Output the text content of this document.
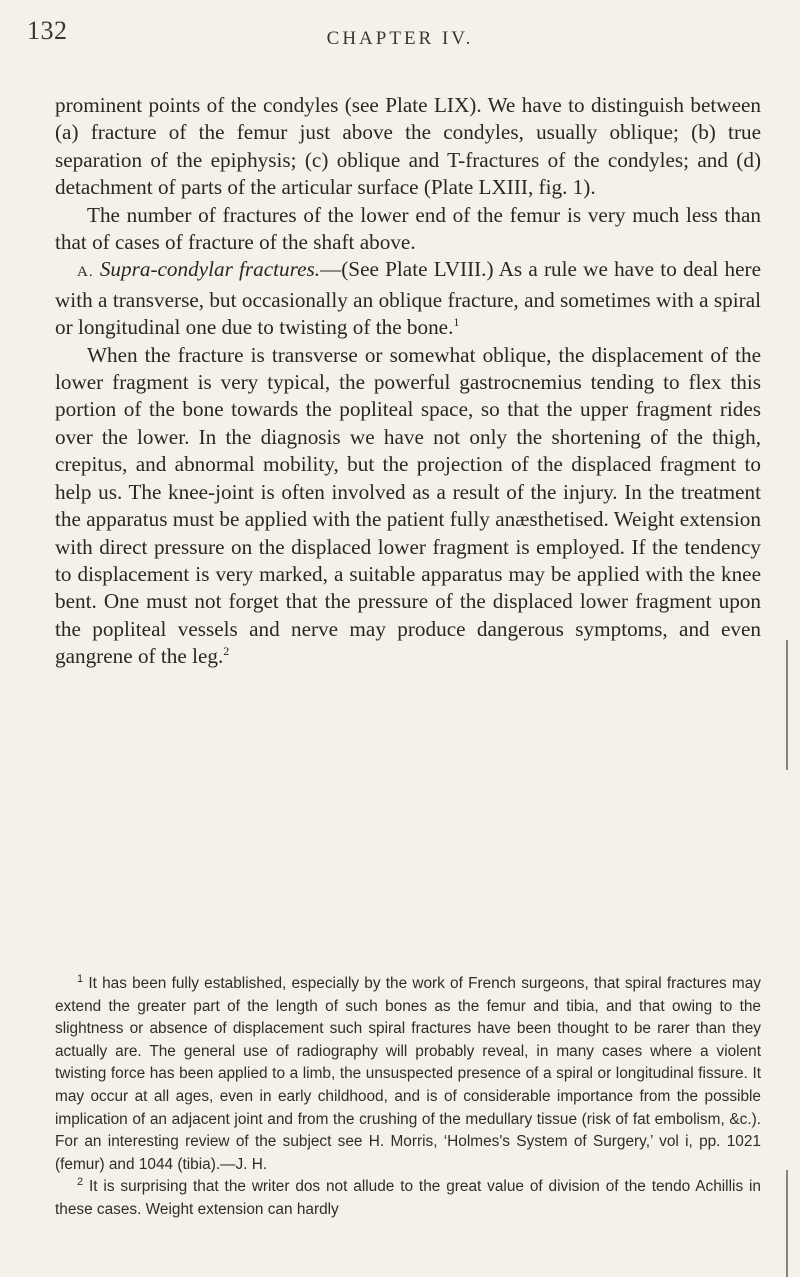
132	CHAPTER IV.

prominent points of the condyles (see Plate LIX). We have to distinguish between (a) fracture of the femur just above the condyles, usually oblique; (b) true separation of the epiphysis; (c) oblique and T-fractures of the condyles; and (d) detachment of parts of the articular surface (Plate LXIII, fig. 1).

The number of fractures of the lower end of the femur is very much less than that of cases of fracture of the shaft above.

A. Supra-condylar fractures.—(See Plate LVIII.) As a rule we have to deal here with a transverse, but occasionally an oblique fracture, and sometimes with a spiral or longitudinal one due to twisting of the bone.$^1$

When the fracture is transverse or somewhat oblique, the displacement of the lower fragment is very typical, the powerful gastrocnemius tending to flex this portion of the bone towards the popliteal space, so that the upper fragment rides over the lower. In the diagnosis we have not only the shortening of the thigh, crepitus, and abnormal mobility, but the projection of the displaced fragment to help us. The knee-joint is often involved as a result of the injury. In the treatment the apparatus must be applied with the patient fully anæsthetised. Weight extension with direct pressure on the displaced lower fragment is employed. If the tendency to displacement is very marked, a suitable apparatus may be applied with the knee bent. One must not forget that the pressure of the displaced lower fragment upon the popliteal vessels and nerve may produce dangerous symptoms, and even gangrene of the leg.$^2$

$^1$ It has been fully established, especially by the work of French surgeons, that spiral fractures may extend the greater part of the length of such bones as the femur and tibia, and that owing to the slightness or absence of displacement such spiral fractures have been thought to be rarer than they actually are. The general use of radiography will probably reveal, in many cases where a violent twisting force has been applied to a limb, the unsuspected presence of a spiral or longitudinal fissure. It may occur at all ages, even in early childhood, and is of considerable importance from the possible implication of an adjacent joint and from the crushing of the medullary tissue (risk of fat embolism, &c.). For an interesting review of the subject see H. Morris, ‘Holmes's System of Surgery,’ vol i, pp. 1021 (femur) and 1044 (tibia).—J. H.

$^2$ It is surprising that the writer dos not allude to the great value of division of the tendo Achillis in these cases. Weight extension can hardly
